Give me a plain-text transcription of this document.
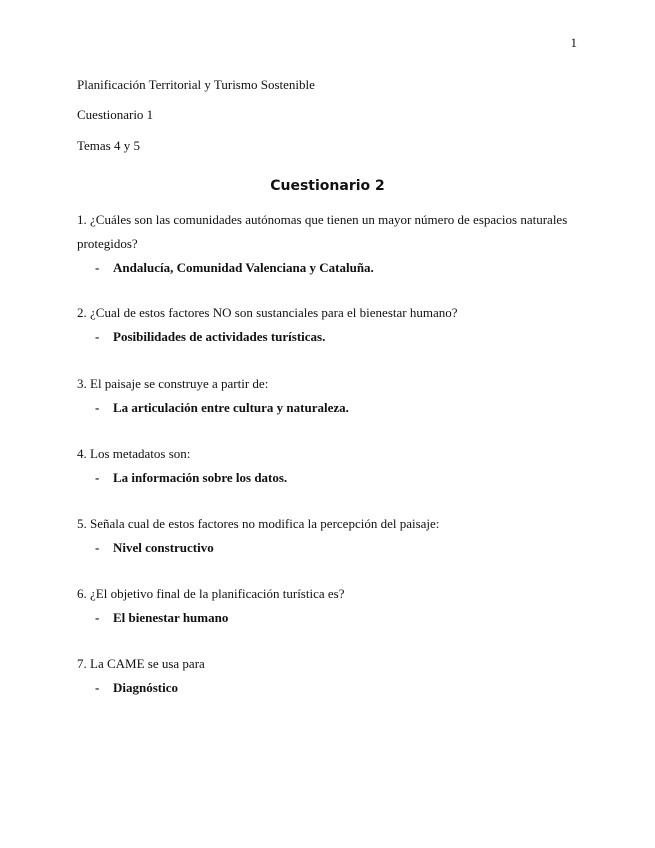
1
Planificación Territorial y Turismo Sostenible
Cuestionario 1
Temas 4 y 5
Cuestionario 2

1. ¿Cuáles son las comunidades autónomas que tienen un mayor número de espacios naturales protegidos?

-	Andalucía, Comunidad Valenciana y Cataluña.

2. ¿Cual de estos factores NO son sustanciales para el bienestar humano?

-	Posibilidades de actividades turísticas.

3. El paisaje se construye a partir de:

-	La articulación entre cultura y naturaleza.

4. Los metadatos son:

-	La información sobre los datos.

5. Señala cual de estos factores no modifica la percepción del paisaje:

-	Nivel constructivo

6. ¿El objetivo final de la planificación turística es?

-	El bienestar humano

7. La CAME se usa para

-	Diagnóstico
